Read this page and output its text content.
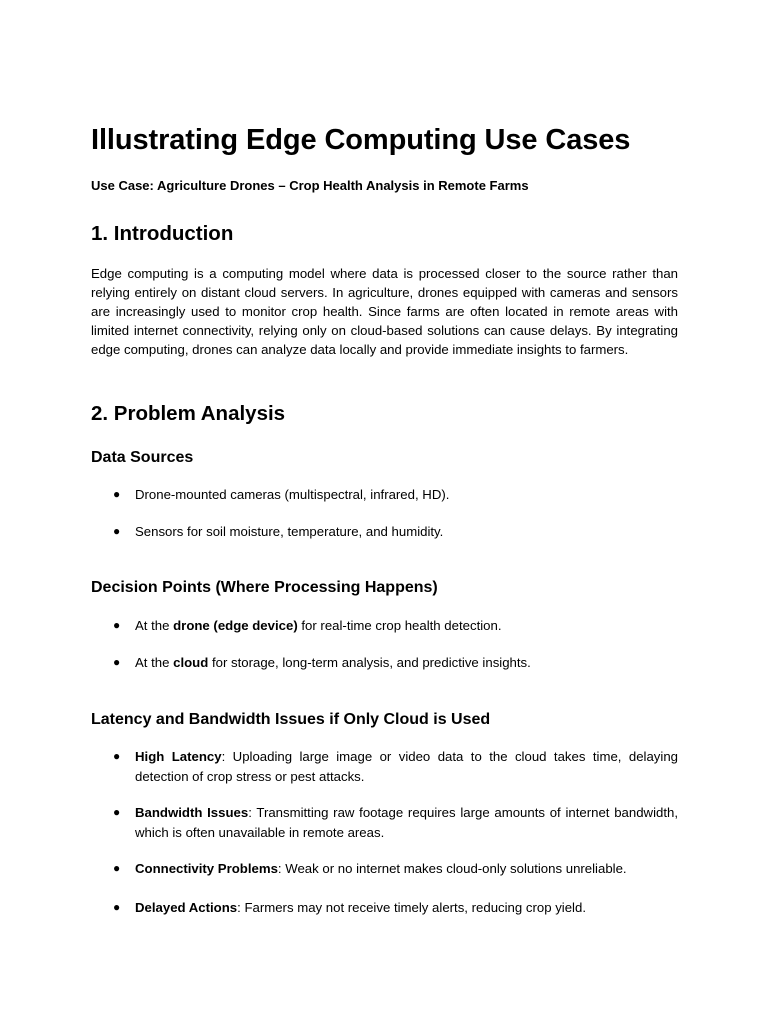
Illustrating Edge Computing Use Cases

Use Case: Agriculture Drones – Crop Health Analysis in Remote Farms

1. Introduction

Edge computing is a computing model where data is processed closer to the source rather than relying entirely on distant cloud servers. In agriculture, drones equipped with cameras and sensors are increasingly used to monitor crop health. Since farms are often located in remote areas with limited internet connectivity, relying only on cloud-based solutions can cause delays. By integrating edge computing, drones can analyze data locally and provide immediate insights to farmers.

2. Problem Analysis
Data Sources
●	Drone-mounted cameras (multispectral, infrared, HD).
●	Sensors for soil moisture, temperature, and humidity.
Decision Points (Where Processing Happens)
●	At the drone (edge device) for real-time crop health detection.
●	At the cloud for storage, long-term analysis, and predictive insights.
Latency and Bandwidth Issues if Only Cloud is Used
●	High Latency: Uploading large image or video data to the cloud takes time, delaying detection of crop stress or pest attacks.
●	Bandwidth Issues: Transmitting raw footage requires large amounts of internet bandwidth, which is often unavailable in remote areas.
●	Connectivity Problems: Weak or no internet makes cloud-only solutions unreliable.
●	Delayed Actions: Farmers may not receive timely alerts, reducing crop yield.
